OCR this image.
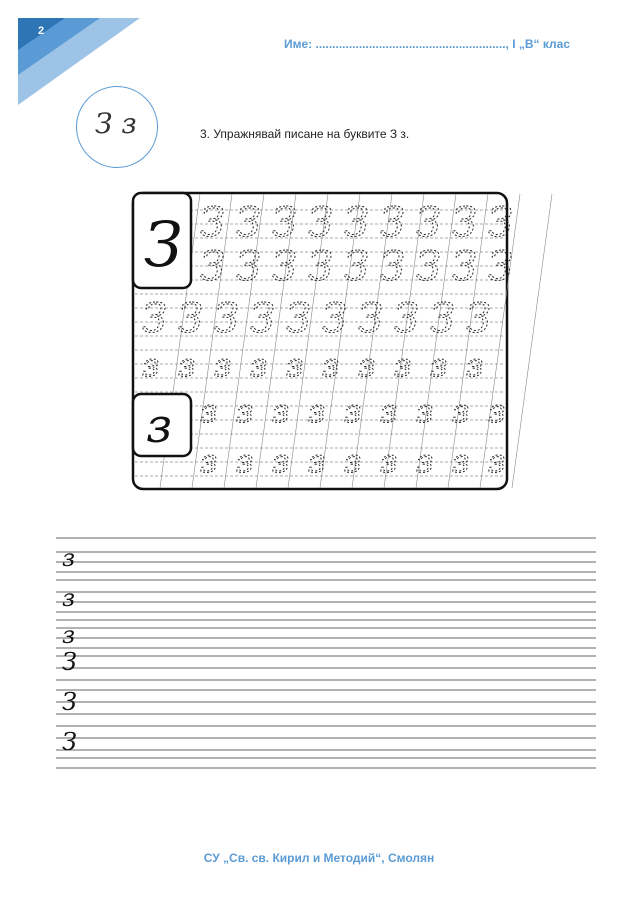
2
Име: ........................................................., I „В“ клас
З з	3. Упражнявай писане на буквите З з.
З
з
З З З З З З З З З
З З З З З З З З З
З З З З З З З З З З
з з з з з з з з з з
з з з з з з з з з
з з з з з з з з з
з
з
з
З
З
З
СУ „Св. св. Кирил и Методий“, Смолян
